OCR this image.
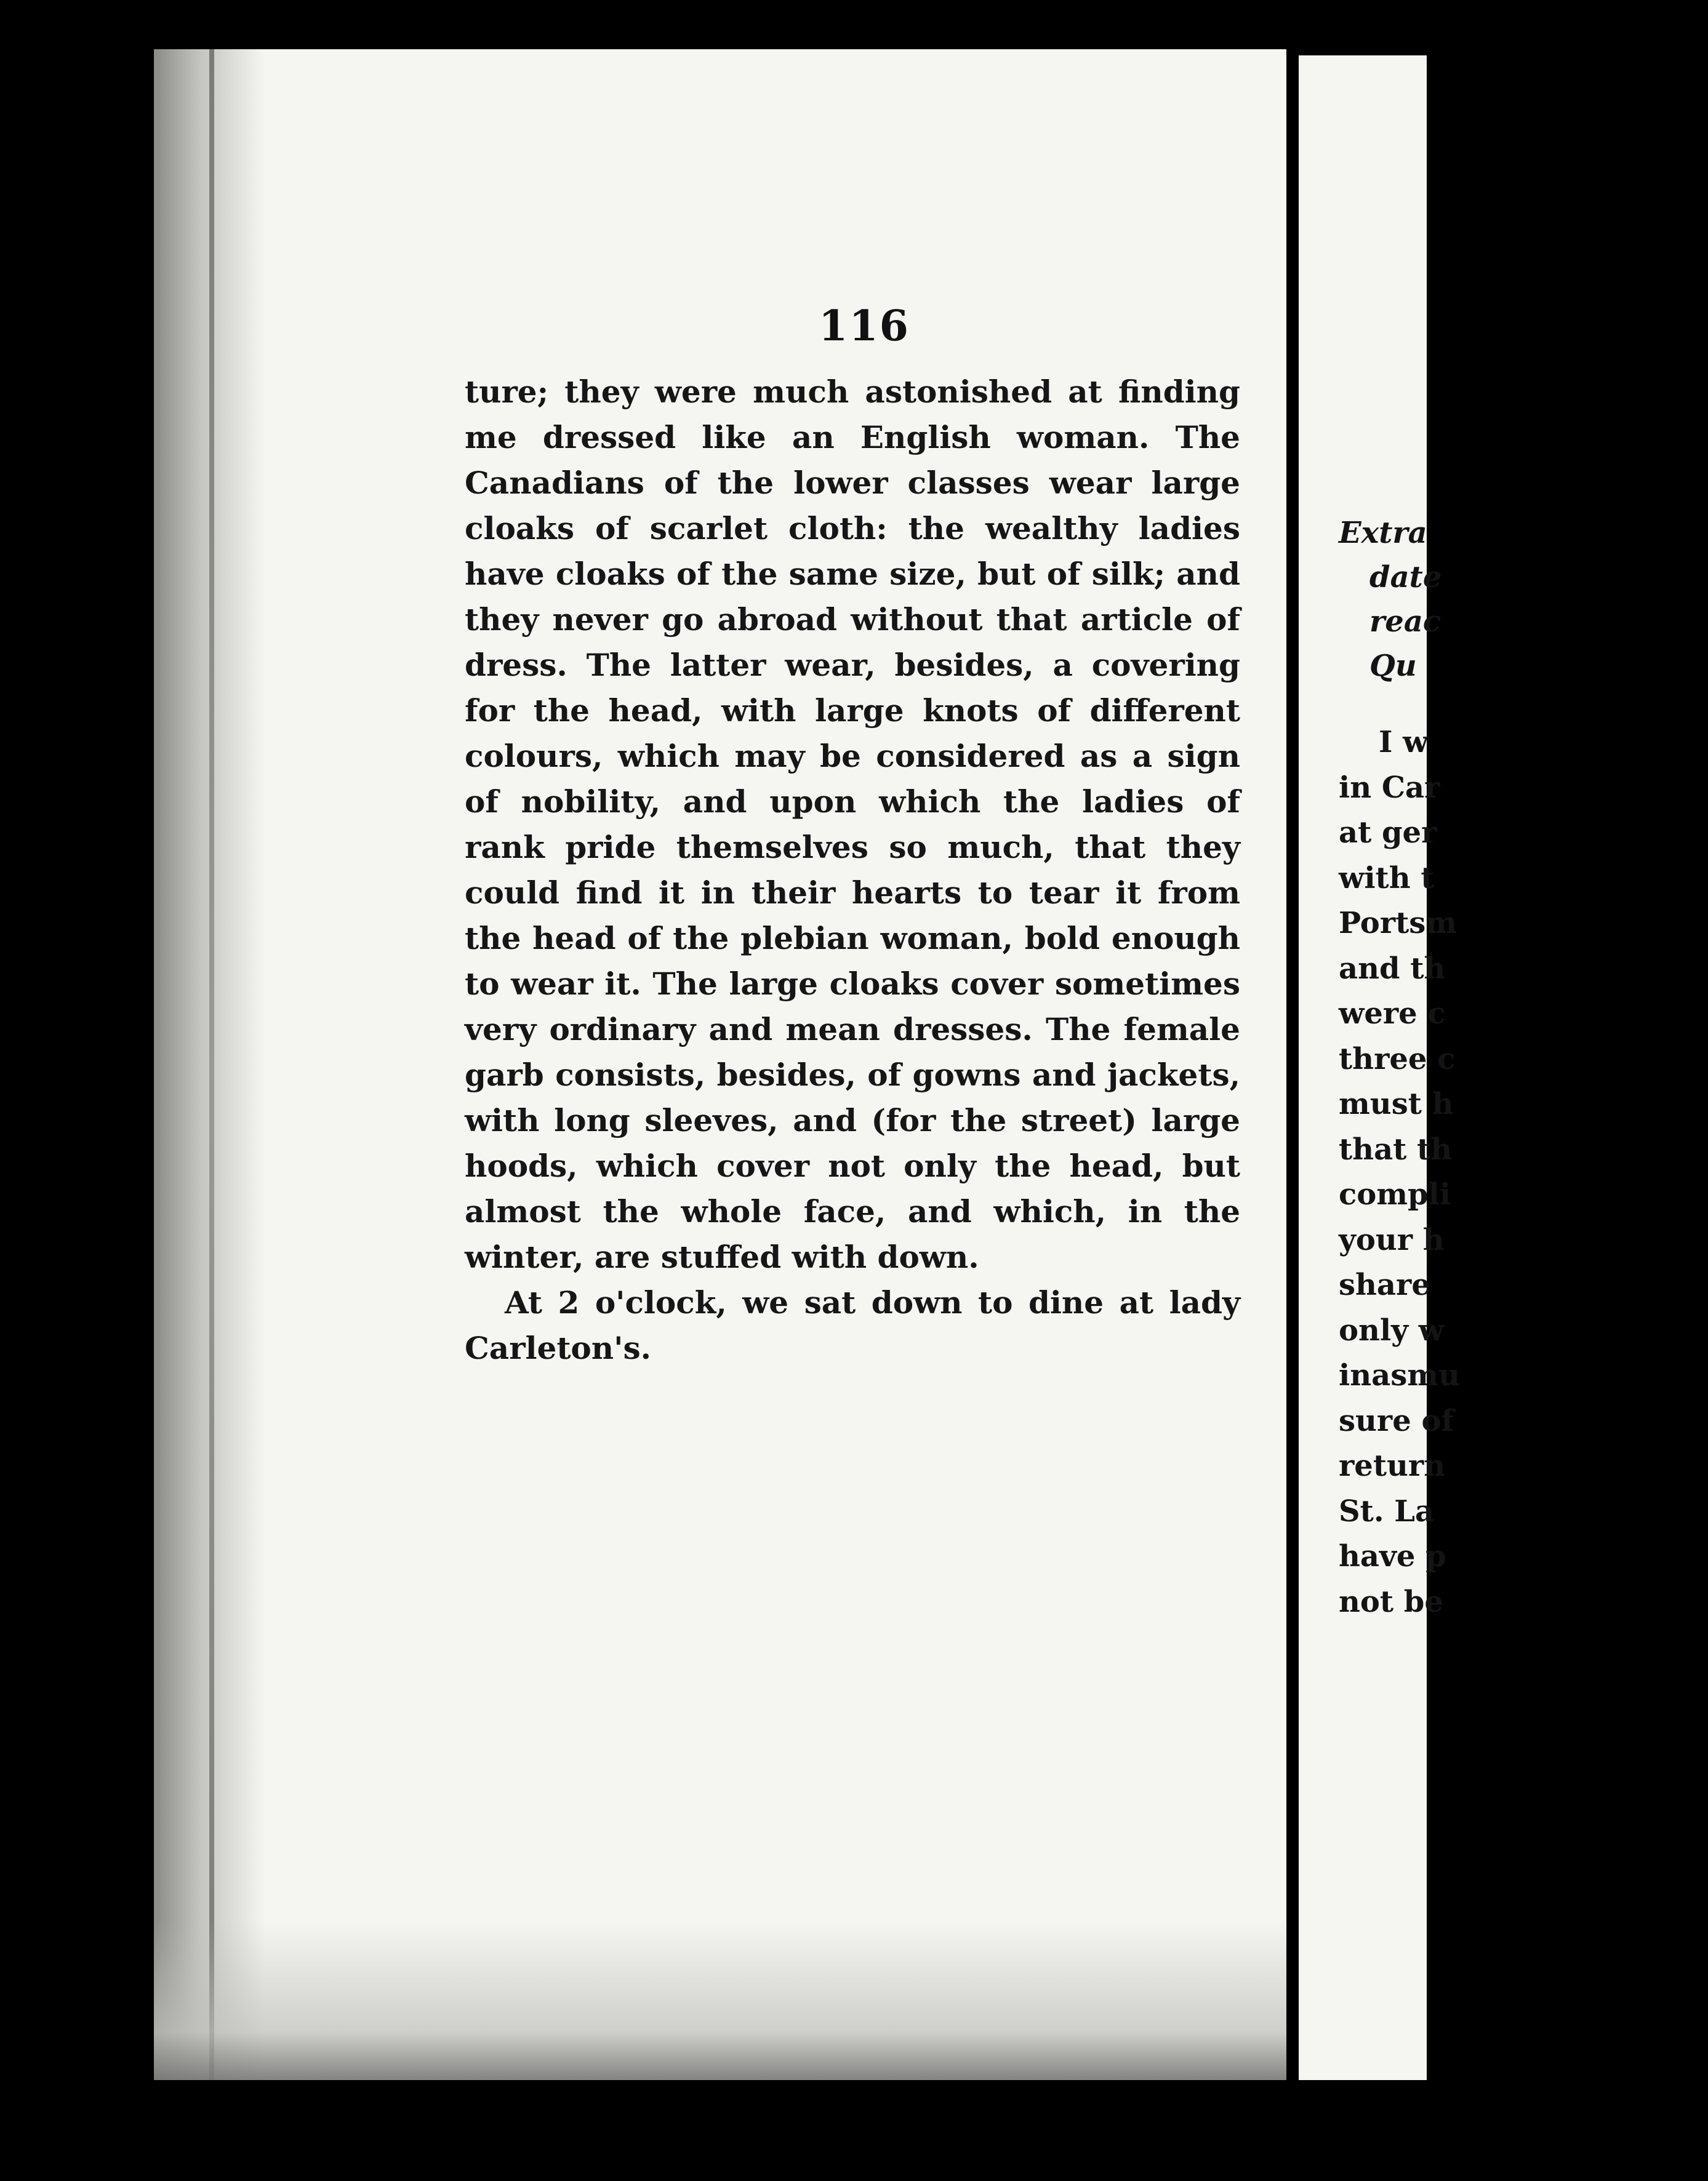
116

ture; they were much astonished at finding me dressed like an English woman. The Canadians of the lower classes wear large cloaks of scarlet cloth: the wealthy ladies have cloaks of the same size, but of silk; and they never go abroad without that article of dress. The latter wear, besides, a covering for the head, with large knots of different colours, which may be considered as a sign of nobility, and upon which the ladies of rank pride themselves so much, that they could find it in their hearts to tear it from the head of the plebian woman, bold enough to wear it. The large cloaks cover sometimes very ordinary and mean dresses. The female garb consists, besides, of gowns and jackets, with long sleeves, and (for the street) large hoods, which cover not only the head, but almost the whole face, and which, in the winter, are stuffed with down.

At 2 o'clock, we sat down to dine at lady Carleton's.

Extra
date
reac
Qu
I w
in Car
at ger
with t
Portsm
and th
were c
three c
must h
that th
compli
your h
share
only w
inasmu
sure of
return
St. La
have p
not be
